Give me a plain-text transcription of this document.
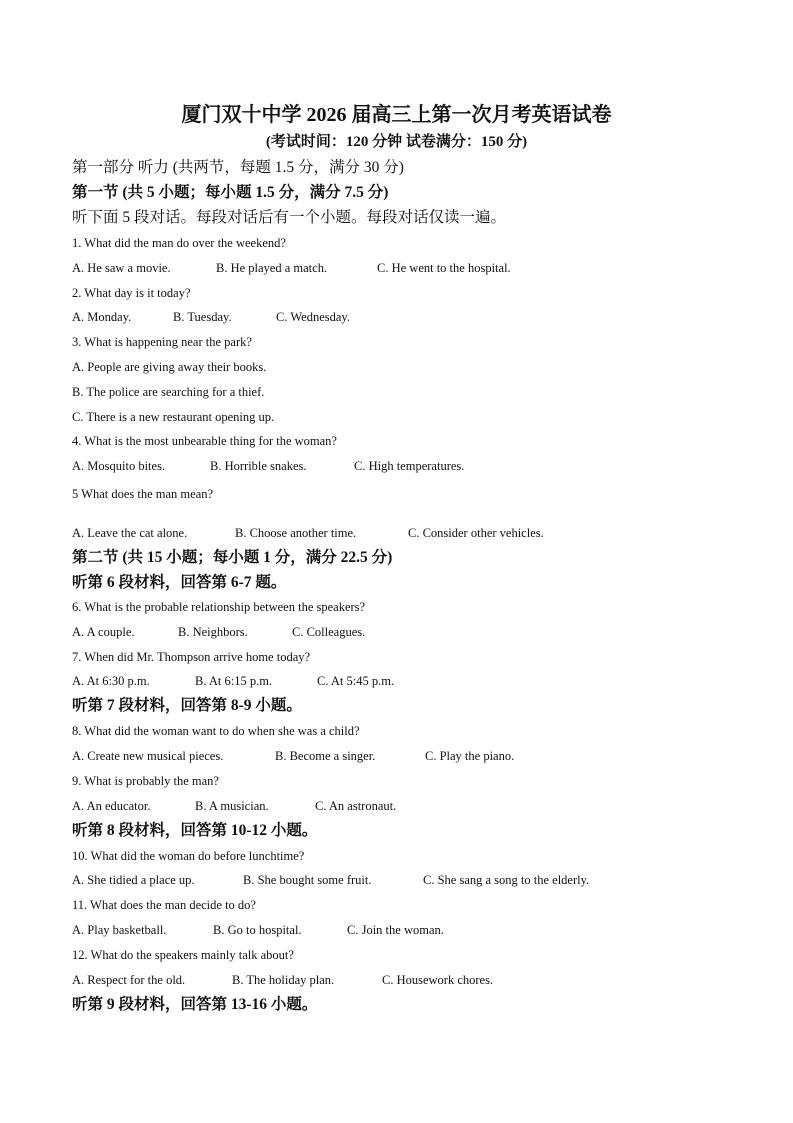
厦门双十中学 2026 届高三上第一次月考英语试卷
(考试时间：120 分钟 试卷满分：150 分)
第一部分 听力 (共两节，每题 1.5 分，满分 30 分)
第一节 (共 5 小题；每小题 1.5 分，满分 7.5 分)
听下面 5 段对话。每段对话后有一个小题。每段对话仅读一遍。
1. What did the man do over the weekend?
A. He saw a movie.	B. He played a match.	C. He went to the hospital.
2. What day is it today?
A. Monday.	B. Tuesday.	C. Wednesday.
3. What is happening near the park?
A. People are giving away their books.
B. The police are searching for a thief.
C. There is a new restaurant opening up.
4. What is the most unbearable thing for the woman?
A. Mosquito bites.	B. Horrible snakes.	C. High temperatures.
5 What does the man mean?
A. Leave the cat alone.	B. Choose another time.	C. Consider other vehicles.
第二节 (共 15 小题；每小题 1 分，满分 22.5 分)
听第 6 段材料，回答第 6-7 题。
6. What is the probable relationship between the speakers?
A. A couple.	B. Neighbors.	C. Colleagues.
7. When did Mr. Thompson arrive home today?
A. At 6:30 p.m.	B. At 6:15 p.m.	C. At 5:45 p.m.
听第 7 段材料，回答第 8-9 小题。
8. What did the woman want to do when she was a child?
A. Create new musical pieces.	B. Become a singer.	C. Play the piano.
9. What is probably the man?
A. An educator.	B. A musician.	C. An astronaut.
听第 8 段材料，回答第 10-12 小题。
10. What did the woman do before lunchtime?
A. She tidied a place up.	B. She bought some fruit.	C. She sang a song to the elderly.
11. What does the man decide to do?
A. Play basketball.	B. Go to hospital.	C. Join the woman.
12. What do the speakers mainly talk about?
A. Respect for the old.	B. The holiday plan.	C. Housework chores.
听第 9 段材料，回答第 13-16 小题。
